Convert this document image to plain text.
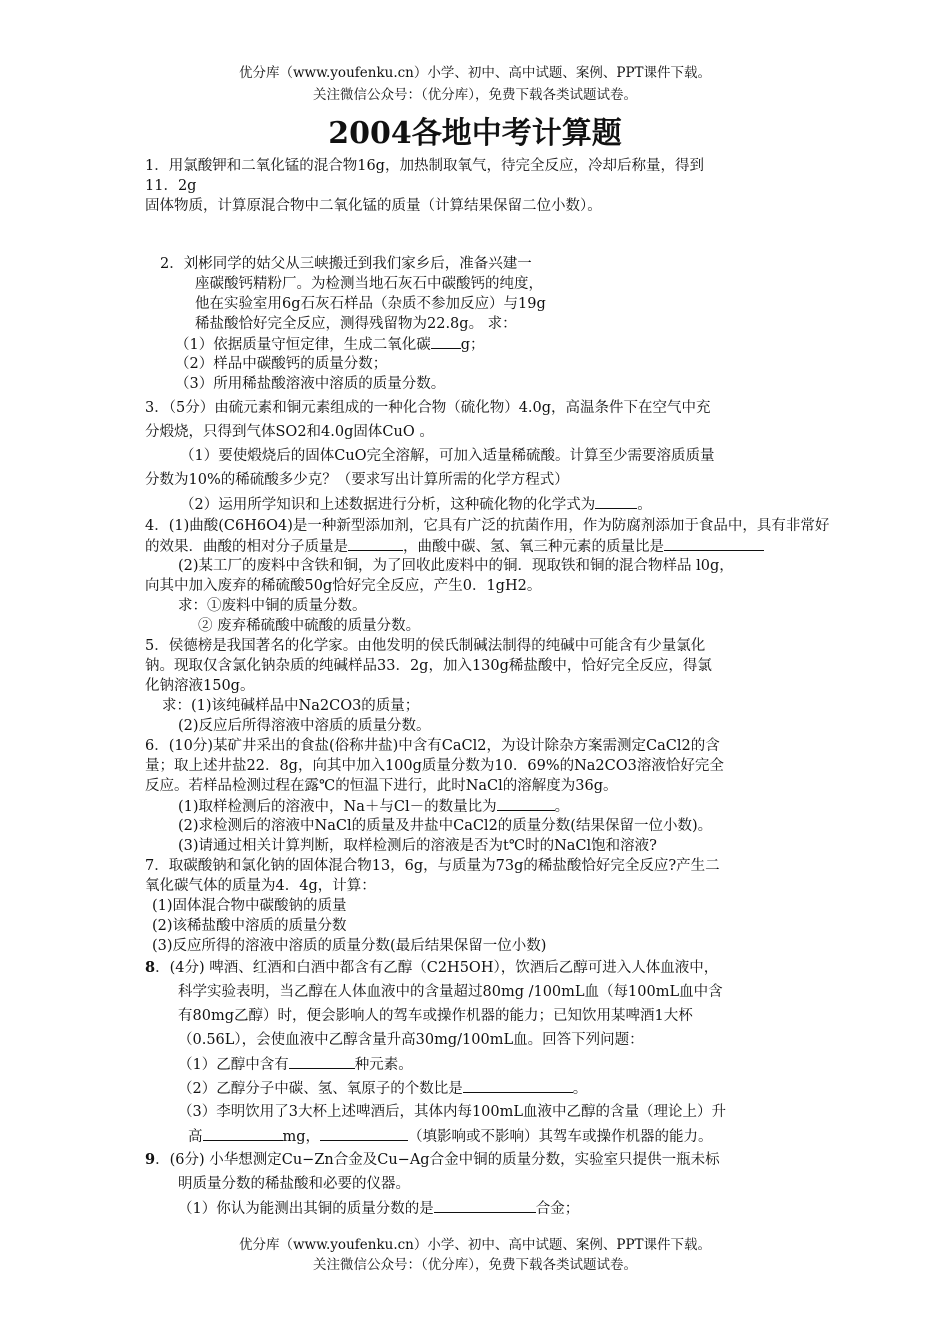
优分库（www.youfenku.cn）小学、初中、高中试题、案例、PPT课件下载。
关注微信公众号：（优分库），免费下载各类试题试卷。
2004各地中考计算题
1．用氯酸钾和二氧化锰的混合物16g，加热制取氧气，待完全反应，冷却后称量，得到
11．2g
固体物质，计算原混合物中二氧化锰的质量（计算结果保留二位小数）。
2．刘彬同学的姑父从三峡搬迁到我们家乡后，准备兴建一
座碳酸钙精粉厂。为检测当地石灰石中碳酸钙的纯度，
他在实验室用6g石灰石样品（杂质不参加反应）与19g
稀盐酸恰好完全反应，测得残留物为22.8g。 求：
（1）依据质量守恒定律，生成二氧化碳 g；
（2）样品中碳酸钙的质量分数；
（3）所用稀盐酸溶液中溶质的质量分数。
3．（5分）由硫元素和铜元素组成的一种化合物（硫化物）4.0g，高温条件下在空气中充
分煅烧，只得到气体SO2和4.0g固体CuO 。
（1）要使煅烧后的固体CuO完全溶解，可加入适量稀硫酸。计算至少需要溶质质量
分数为10%的稀硫酸多少克？（要求写出计算所需的化学方程式）
（2）运用所学知识和上述数据进行分析，这种硫化物的化学式为	。
4．(1)曲酸(C6H6O4)是一种新型添加剂，它具有广泛的抗菌作用，作为防腐剂添加于食品中，具有非常好
的效果．曲酸的相对分子质量是	，曲酸中碳、氢、氧三种元素的质量比是
(2)某工厂的废料中含铁和铜，为了回收此废料中的铜．现取铁和铜的混合物样品 l0g，
向其中加入废弃的稀硫酸50g恰好完全反应，产生0．1gH2。
求：①废料中铜的质量分数。
② 废弃稀硫酸中硫酸的质量分数。
5．侯德榜是我国著名的化学家。由他发明的侯氏制碱法制得的纯碱中可能含有少量氯化
钠。现取仅含氯化钠杂质的纯碱样品33．2g，加入130g稀盐酸中，恰好完全反应，得氯
化钠溶液150g。
求：(1)该纯碱样品中Na2CO3的质量；
(2)反应后所得溶液中溶质的质量分数。
6．(10分)某矿井采出的食盐(俗称井盐)中含有CaCl2，为设计除杂方案需测定CaCl2的含
量；取上述井盐22．8g，向其中加入100g质量分数为10．69%的Na2CO3溶液恰好完全
反应。若样品检测过程在露℃的恒温下进行，此时NaCl的溶解度为36g。
(1)取样检测后的溶液中，Na＋与Cl－的数量比为	。
(2)求检测后的溶液中NaCl的质量及井盐中CaCl2的质量分数(结果保留一位小数)。
(3)请通过相关计算判断，取样检测后的溶液是否为t℃时的NaCl饱和溶液?
7．取碳酸钠和氯化钠的固体混合物13，6g，与质量为73g的稀盐酸恰好完全反应?产生二
氧化碳气体的质量为4．4g，计算：
(1)固体混合物中碳酸钠的质量
(2)该稀盐酸中溶质的质量分数
(3)反应所得的溶液中溶质的质量分数(最后结果保留一位小数)
8．(4分) 啤酒、红酒和白酒中都含有乙醇（C2H5OH），饮酒后乙醇可进入人体血液中，
科学实验表明，当乙醇在人体血液中的含量超过80mg /100mL血（每100mL血中含
有80mg乙醇）时，便会影响人的驾车或操作机器的能力；已知饮用某啤酒1大杯
（0.56L），会使血液中乙醇含量升高30mg/100mL血。回答下列问题：
（1）乙醇中含有	种元素。
（2）乙醇分子中碳、氢、氧原子的个数比是	。
（3）李明饮用了3大杯上述啤酒后，其体内每100mL血液中乙醇的含量（理论上）升
高	mg，	（填影响或不影响）其驾车或操作机器的能力。
9．(6分) 小华想测定Cu−Zn合金及Cu−Ag合金中铜的质量分数，实验室只提供一瓶未标
明质量分数的稀盐酸和必要的仪器。
（1）你认为能测出其铜的质量分数的是	合金；
优分库（www.youfenku.cn）小学、初中、高中试题、案例、PPT课件下载。
关注微信公众号：（优分库），免费下载各类试题试卷。
